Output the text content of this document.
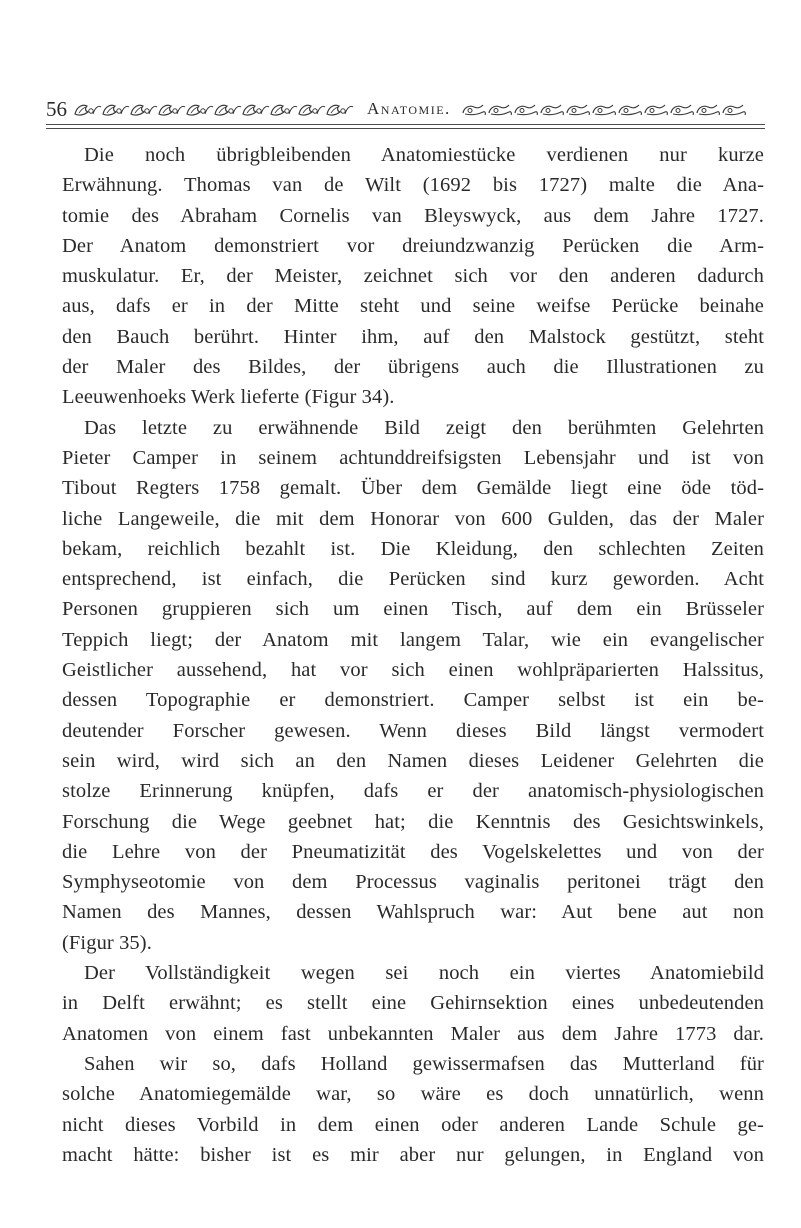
56	Anatomie.
Die noch übrigbleibenden Anatomiestücke verdienen nur kurze
Erwähnung. Thomas van de Wilt (1692 bis 1727) malte die Ana-
tomie des Abraham Cornelis van Bleyswyck, aus dem Jahre 1727.
Der Anatom demonstriert vor dreiundzwanzig Perücken die Arm-
muskulatur. Er, der Meister, zeichnet sich vor den anderen dadurch
aus, dafs er in der Mitte steht und seine weifse Perücke beinahe
den Bauch berührt. Hinter ihm, auf den Malstock gestützt, steht
der Maler des Bildes, der übrigens auch die Illustrationen zu
Leeuwenhoeks Werk lieferte (Figur 34).
Das letzte zu erwähnende Bild zeigt den berühmten Gelehrten
Pieter Camper in seinem achtunddreifsigsten Lebensjahr und ist von
Tibout Regters 1758 gemalt. Über dem Gemälde liegt eine öde töd-
liche Langeweile, die mit dem Honorar von 600 Gulden, das der Maler
bekam, reichlich bezahlt ist. Die Kleidung, den schlechten Zeiten
entsprechend, ist einfach, die Perücken sind kurz geworden. Acht
Personen gruppieren sich um einen Tisch, auf dem ein Brüsseler
Teppich liegt; der Anatom mit langem Talar, wie ein evangelischer
Geistlicher aussehend, hat vor sich einen wohlpräparierten Halssitus,
dessen Topographie er demonstriert. Camper selbst ist ein be-
deutender Forscher gewesen. Wenn dieses Bild längst vermodert
sein wird, wird sich an den Namen dieses Leidener Gelehrten die
stolze Erinnerung knüpfen, dafs er der anatomisch-physiologischen
Forschung die Wege geebnet hat; die Kenntnis des Gesichtswinkels,
die Lehre von der Pneumatizität des Vogelskelettes und von der
Symphyseotomie von dem Processus vaginalis peritonei trägt den
Namen des Mannes, dessen Wahlspruch war: Aut bene aut non
(Figur 35).
Der Vollständigkeit wegen sei noch ein viertes Anatomiebild
in Delft erwähnt; es stellt eine Gehirnsektion eines unbedeutenden
Anatomen von einem fast unbekannten Maler aus dem Jahre 1773 dar.
Sahen wir so, dafs Holland gewissermafsen das Mutterland für
solche Anatomiegemälde war, so wäre es doch unnatürlich, wenn
nicht dieses Vorbild in dem einen oder anderen Lande Schule ge-
macht hätte: bisher ist es mir aber nur gelungen, in England von
